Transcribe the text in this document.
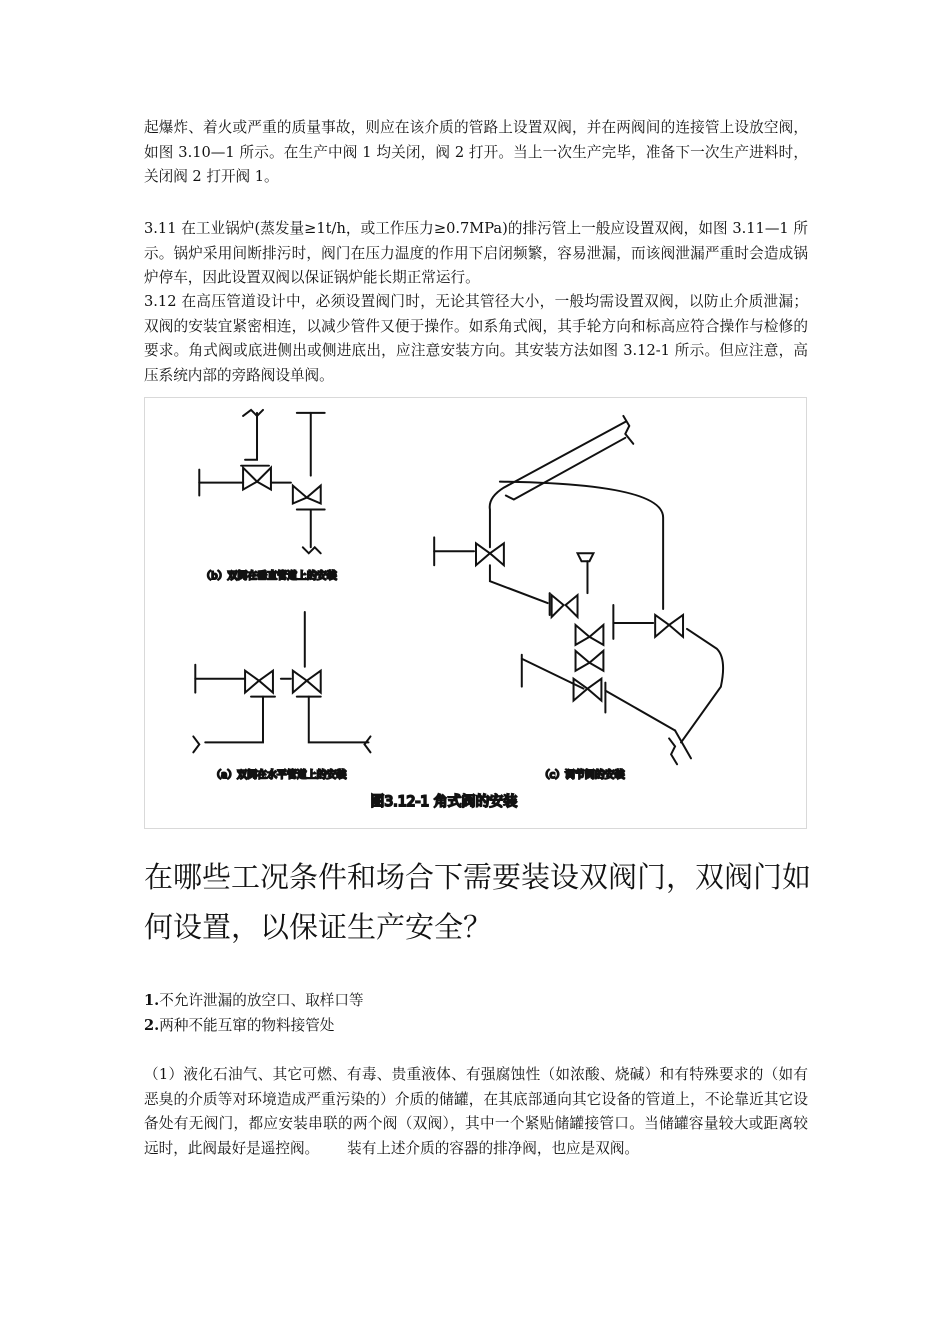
起爆炸、着火或严重的质量事故，则应在该介质的管路上设置双阀，并在两阀间的连接管上设放空阀，如图 3.10—1 所示。在生产中阀 1 均关闭，阀 2 打开。当上一次生产完毕，准备下一次生产进料时，关闭阀 2 打开阀 1。

3.11 在工业锅炉(蒸发量≥1t/h，或工作压力≥0.7MPa)的排污管上一般应设置双阀，如图 3.11—1 所示。锅炉采用间断排污时，阀门在压力温度的作用下启闭频繁，容易泄漏，而该阀泄漏严重时会造成锅炉停车，因此设置双阀以保证锅炉能长期正常运行。

3.12 在高压管道设计中，必须设置阀门时，无论其管径大小，一般均需设置双阀，以防止介质泄漏；双阀的安装宜紧密相连，以减少管件又便于操作。如系角式阀，其手轮方向和标高应符合操作与检修的要求。角式阀或底进侧出或侧进底出，应注意安装方向。其安装方法如图 3.12-1 所示。但应注意，高压系统内部的旁路阀设单阀。

（b）双阀在垂直管道上的安装
（a）双阀在水平管道上的安装	（c）调节阀的安装
图3.12-1 角式阀的安装
在哪些工况条件和场合下需要装设双阀门，双阀门如何设置，以保证生产安全？
1.不允许泄漏的放空口、取样口等
2.两种不能互窜的物料接管处

（1）液化石油气、其它可燃、有毒、贵重液体、有强腐蚀性（如浓酸、烧碱）和有特殊要求的（如有恶臭的介质等对环境造成严重污染的）介质的储罐，在其底部通向其它设备的管道上，不论靠近其它设备处有无阀门，都应安装串联的两个阀（双阀），其中一个紧贴储罐接管口。当储罐容量较大或距离较远时，此阀最好是遥控阀。 装有上述介质的容器的排净阀，也应是双阀。
